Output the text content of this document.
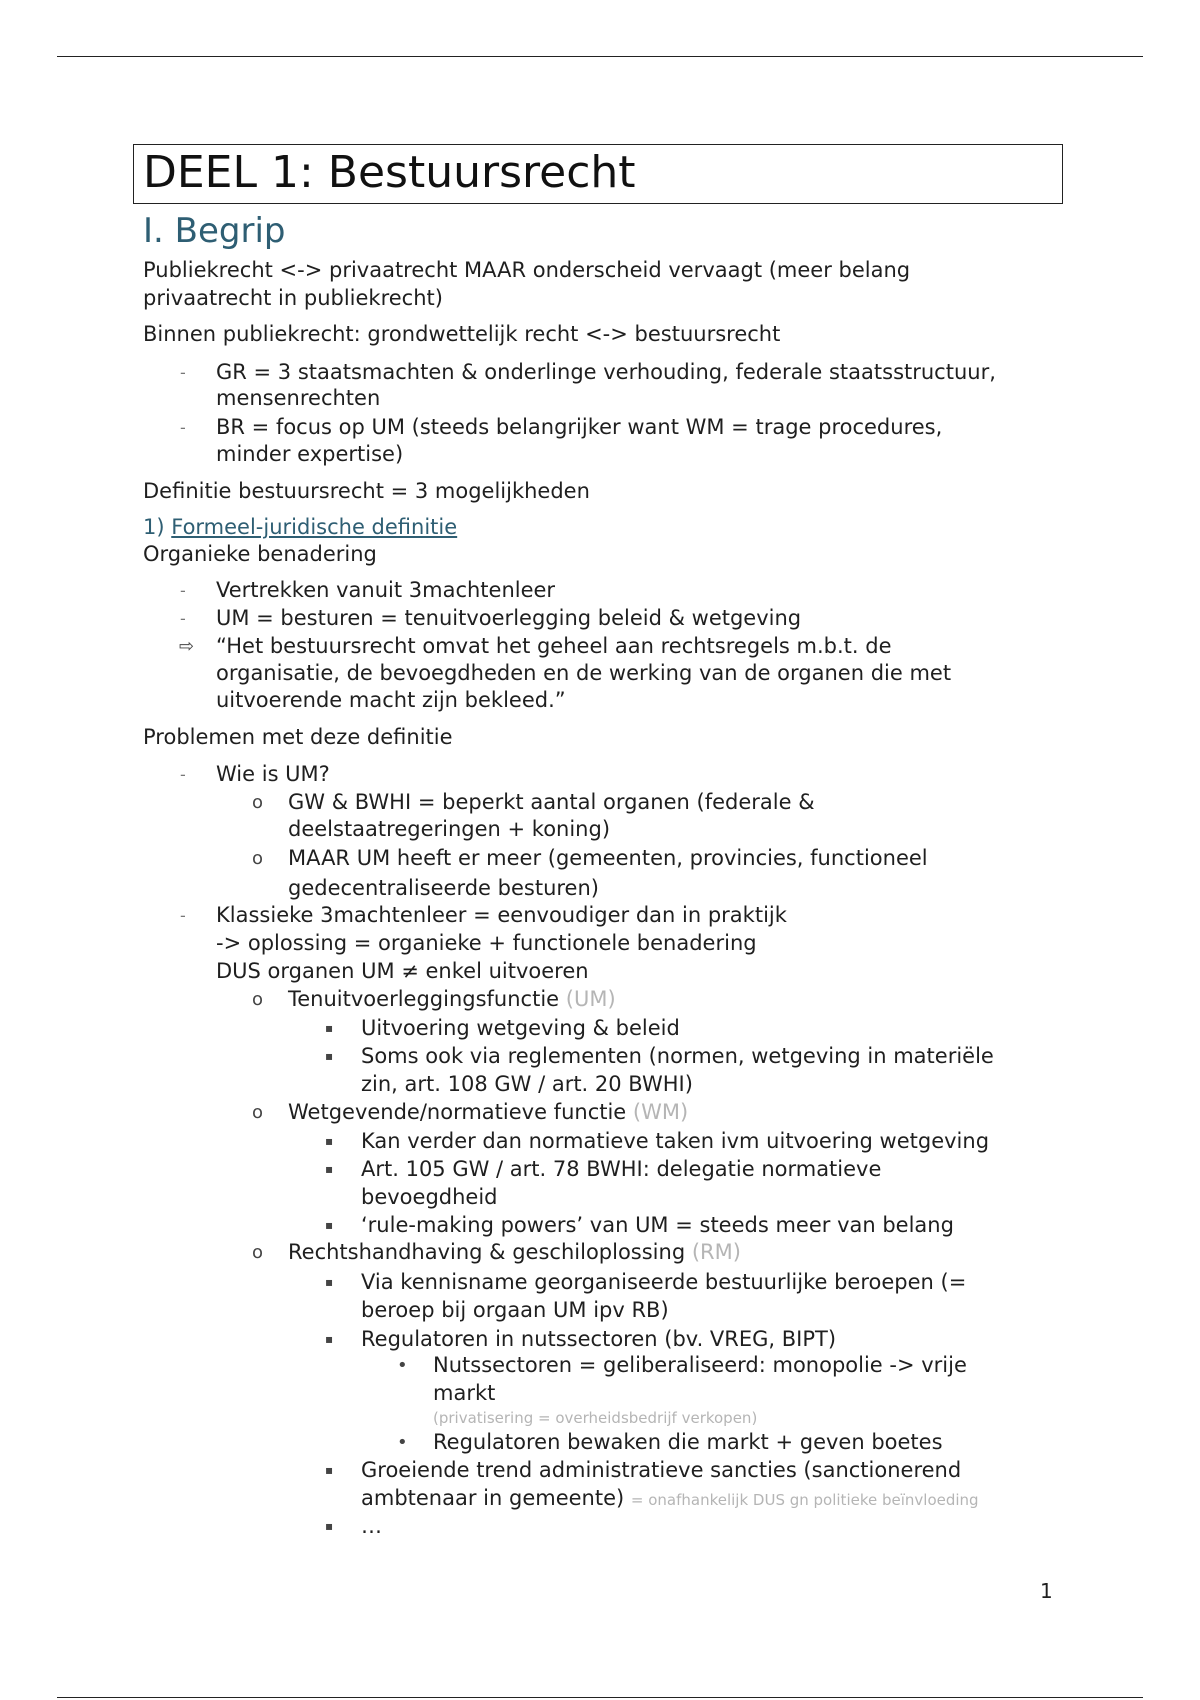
DEEL 1: Bestuursrecht
I. Begrip
Publiekrecht <-> privaatrecht MAAR onderscheid vervaagt (meer belang
privaatrecht in publiekrecht)
Binnen publiekrecht: grondwettelijk recht <-> bestuursrecht
- GR = 3 staatsmachten & onderlinge verhouding, federale staatsstructuur,
mensenrechten
- BR = focus op UM (steeds belangrijker want WM = trage procedures,
minder expertise)
Definitie bestuursrecht = 3 mogelijkheden
1) Formeel-juridische definitie
Organieke benadering
- Vertrekken vanuit 3machtenleer
- UM = besturen = tenuitvoerlegging beleid & wetgeving
⇨ “Het bestuursrecht omvat het geheel aan rechtsregels m.b.t. de
organisatie, de bevoegdheden en de werking van de organen die met
uitvoerende macht zijn bekleed.”
Problemen met deze definitie
- Wie is UM?
o GW & BWHI = beperkt aantal organen (federale &
deelstaatregeringen + koning)
o MAAR UM heeft er meer (gemeenten, provincies, functioneel
gedecentraliseerde besturen)
- Klassieke 3machtenleer = eenvoudiger dan in praktijk
-> oplossing = organieke + functionele benadering
DUS organen UM ≠ enkel uitvoeren
o Tenuitvoerleggingsfunctie (UM)
▪ Uitvoering wetgeving & beleid
▪ Soms ook via reglementen (normen, wetgeving in materiële
zin, art. 108 GW / art. 20 BWHI)
o Wetgevende/normatieve functie (WM)
▪ Kan verder dan normatieve taken ivm uitvoering wetgeving
▪ Art. 105 GW / art. 78 BWHI: delegatie normatieve
bevoegdheid
▪ ‘rule-making powers’ van UM = steeds meer van belang
o Rechtshandhaving & geschiloplossing (RM)
▪ Via kennisname georganiseerde bestuurlijke beroepen (=
beroep bij orgaan UM ipv RB)
▪ Regulatoren in nutssectoren (bv. VREG, BIPT)
• Nutssectoren = geliberaliseerd: monopolie -> vrije
markt
(privatisering = overheidsbedrijf verkopen)
• Regulatoren bewaken die markt + geven boetes
▪ Groeiende trend administratieve sancties (sanctionerend
ambtenaar in gemeente) = onafhankelijk DUS gn politieke beïnvloeding
▪ …
1
